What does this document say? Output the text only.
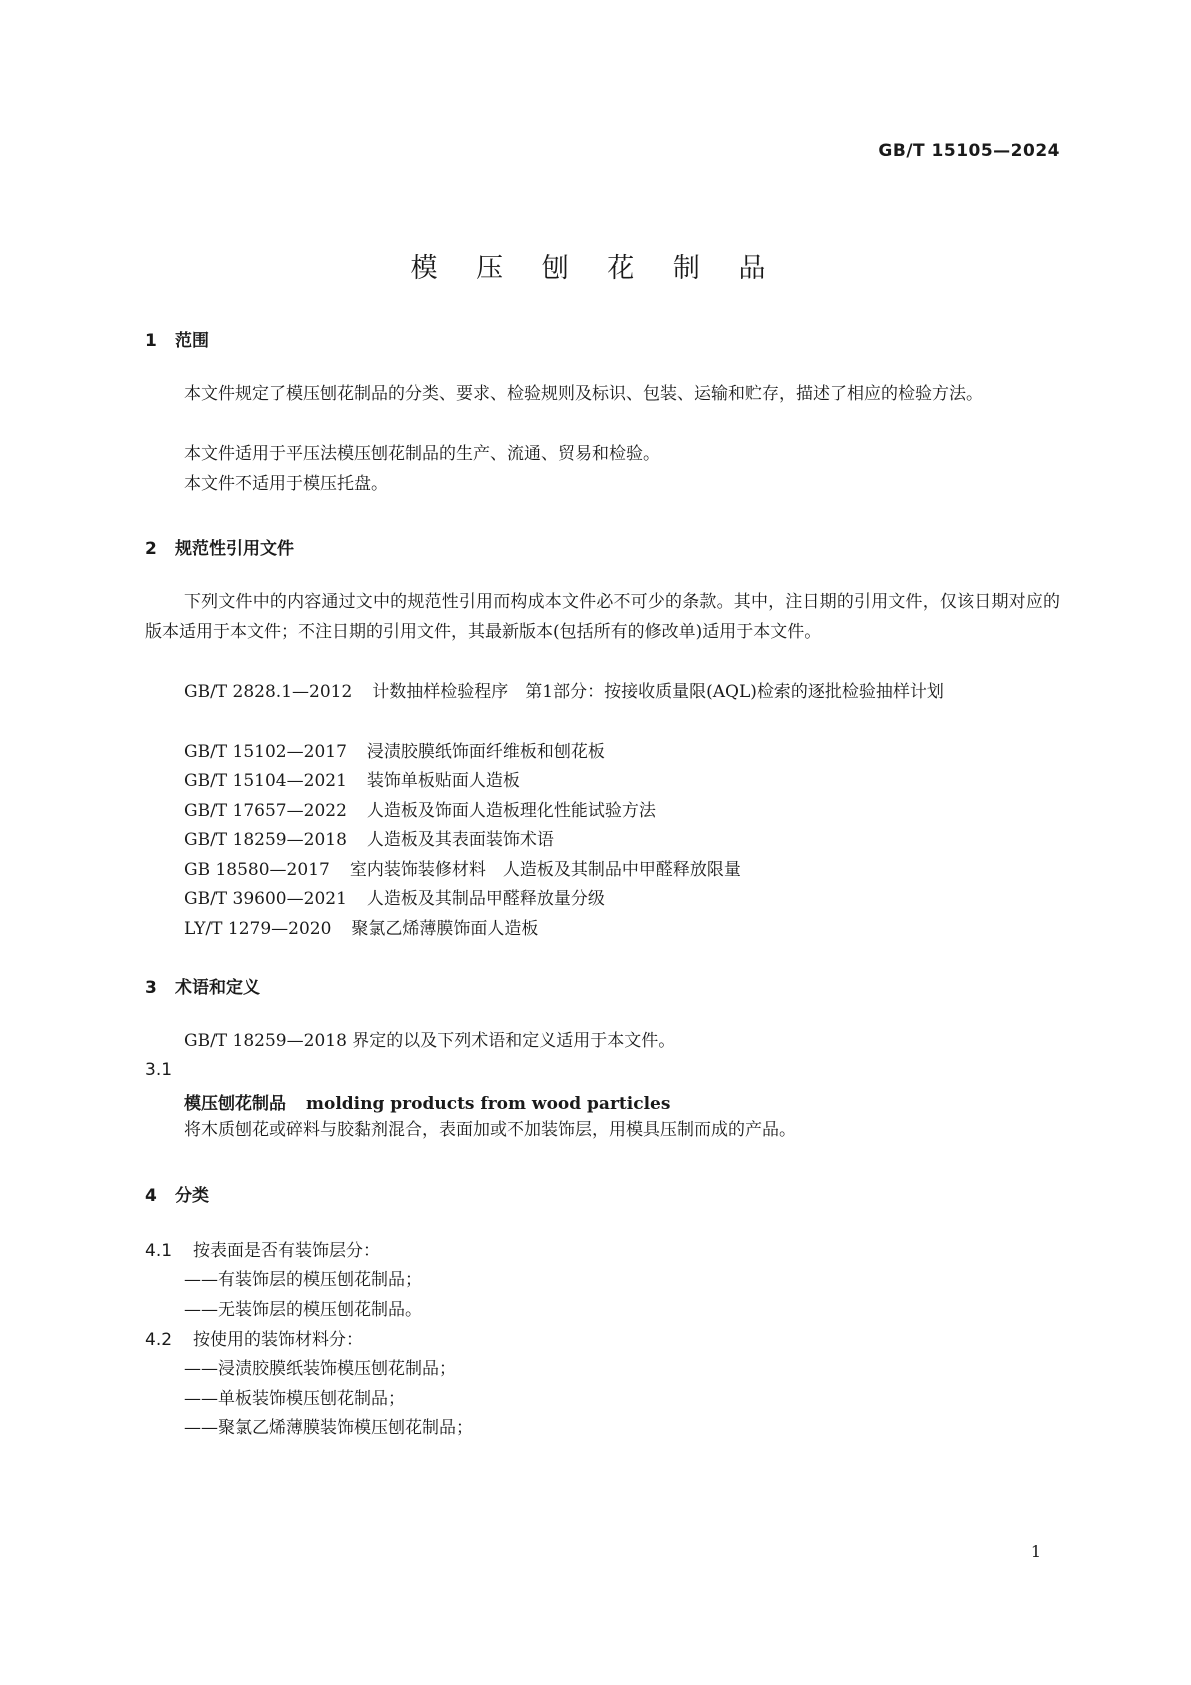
GB/T 15105—2024
模 压 刨 花 制 品
1 范围
本文件规定了模压刨花制品的分类、要求、检验规则及标识、包装、运输和贮存，描述了相应的检验方法。
本文件适用于平压法模压刨花制品的生产、流通、贸易和检验。
本文件不适用于模压托盘。
2 规范性引用文件
下列文件中的内容通过文中的规范性引用而构成本文件必不可少的条款。其中，注日期的引用文件，仅该日期对应的版本适用于本文件；不注日期的引用文件，其最新版本(包括所有的修改单)适用于本文件。
GB/T 2828.1—2012 计数抽样检验程序　第1部分：按接收质量限(AQL)检索的逐批检验抽样计划
GB/T 15102—2017 浸渍胶膜纸饰面纤维板和刨花板
GB/T 15104—2021 装饰单板贴面人造板
GB/T 17657—2022 人造板及饰面人造板理化性能试验方法
GB/T 18259—2018 人造板及其表面装饰术语
GB 18580—2017 室内装饰装修材料　人造板及其制品中甲醛释放限量
GB/T 39600—2021 人造板及其制品甲醛释放量分级
LY/T 1279—2020 聚氯乙烯薄膜饰面人造板
3 术语和定义
GB/T 18259—2018 界定的以及下列术语和定义适用于本文件。
3.1
模压刨花制品 molding products from wood particles
将木质刨花或碎料与胶黏剂混合，表面加或不加装饰层，用模具压制而成的产品。
4 分类
4.1 按表面是否有装饰层分：
——有装饰层的模压刨花制品；
——无装饰层的模压刨花制品。
4.2 按使用的装饰材料分：
——浸渍胶膜纸装饰模压刨花制品；
——单板装饰模压刨花制品；
——聚氯乙烯薄膜装饰模压刨花制品；
1
